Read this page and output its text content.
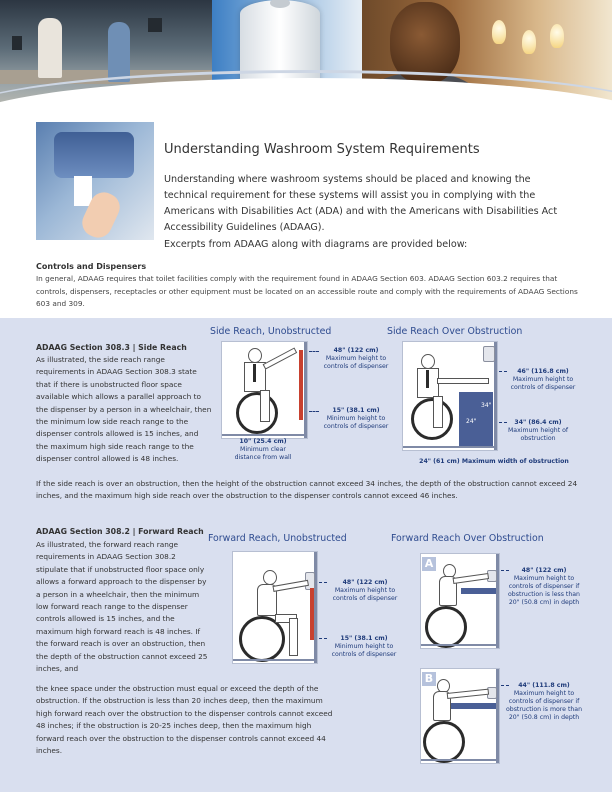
Understanding Washroom System Requirements

Understanding where washroom systems should be placed and knowing the technical requirement for these systems will assist you in complying with the Americans with Disabilities Act (ADA) and with the Americans with Disabilities Act Accessibility Guidelines (ADAAG).

Excerpts from ADAAG along with diagrams are provided below:

Controls and Dispensers

In general, ADAAG requires that toilet facilities comply with the requirement found in ADAAG Section 603. ADAAG Section 603.2 requires that controls, dispensers, receptacles or other equipment must be located on an accessible route and comply with the requirements of ADAAG Sections 603 and 309.

ADAAG Section 308.3 | Side Reach

As illustrated, the side reach range requirements in ADAAG Section 308.3 state that if there is unobstructed floor space available which allows a parallel approach to the dispenser by a person in a wheelchair, then the minimum low side reach range to the dispenser controls allowed is 15 inches, and the maximum high side reach range to the dispenser control allowed is 48 inches.

Side Reach, Unobstructed

48" (122 cm)
Maximum height to controls of dispenser

15" (38.1 cm)
Minimum height to controls of dispenser

10" (25.4 cm)
Minimum clear distance from wall

Side Reach Over Obstruction

24"

34"

46" (116.8 cm)
Maximum height to controls of dispenser

34" (86.4 cm)
Maximum height of obstruction

24" (61 cm) Maximum width of obstruction

If the side reach is over an obstruction, then the height of the obstruction cannot exceed 34 inches, the depth of the obstruction cannot exceed 24 inches, and the maximum high side reach over the obstruction to the dispenser controls cannot exceed 46 inches.

ADAAG Section 308.2 | Forward Reach

As illustrated, the forward reach range requirements in ADAAG Section 308.2 stipulate that if unobstructed floor space only allows a forward approach to the dispenser by a person in a wheelchair, then the minimum low forward reach range to the dispenser controls allowed is 15 inches, and the maximum high forward reach is 48 inches. If the forward reach is over an obstruction, then the depth of the obstruction cannot exceed 25 inches, and

the knee space under the obstruction must equal or exceed the depth of the obstruction. If the obstruction is less than 20 inches deep, then the maximum high forward reach over the obstruction to the dispenser controls cannot exceed 48 inches; if the obstruction is 20-25 inches deep, then the maximum high forward reach over the obstruction to the dispenser controls cannot exceed 44 inches.

Forward Reach, Unobstructed

48" (122 cm)
Maximum height to controls of dispenser

15" (38.1 cm)
Minimum height to controls of dispenser

Forward Reach Over Obstruction

A

48" (122 cm)
Maximum height to controls of dispenser if obstruction is less than 20" (50.8 cm) in depth

B

44" (111.8 cm)
Maximum height to controls of dispenser if obstruction is more than 20" (50.8 cm) in depth
